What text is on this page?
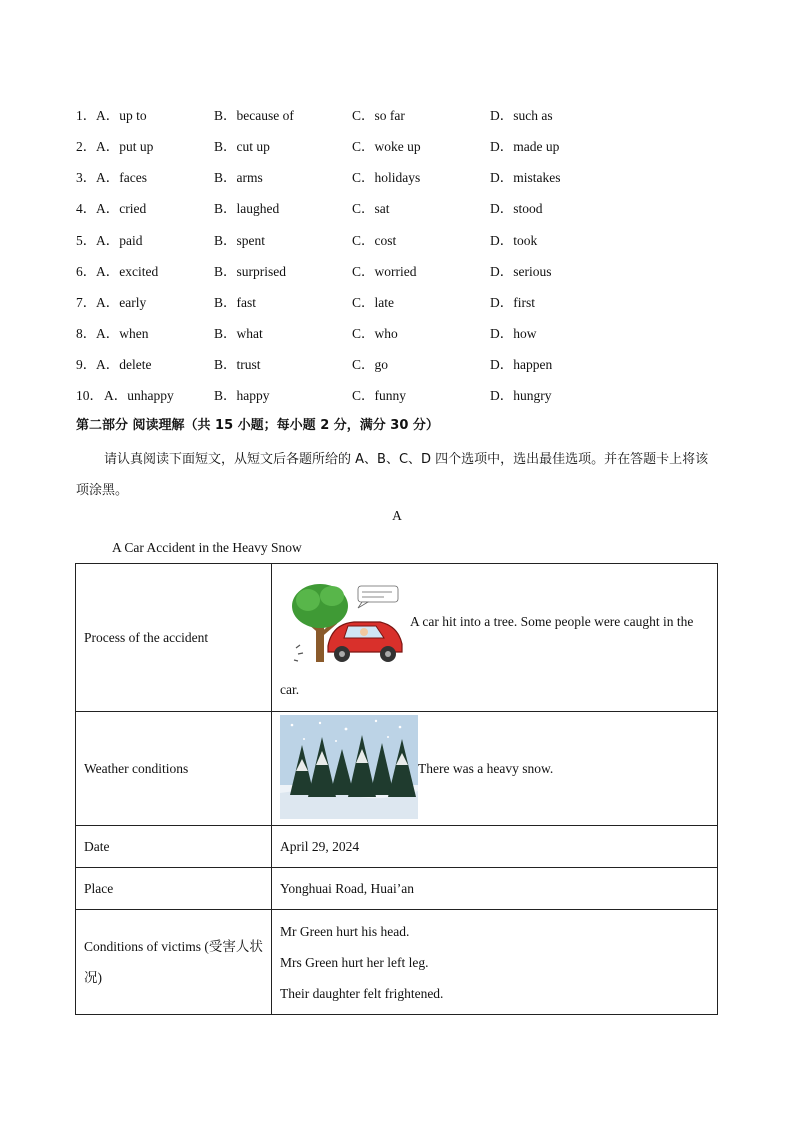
1． A．up to	B．because of	C．so far	D．such as
2． A．put up	B．cut up	C．woke up	D．made up
3． A．faces	B．arms	C．holidays	D．mistakes
4． A．cried	B．laughed	C．sat	D．stood
5． A．paid	B．spent	C．cost	D．took
6． A．excited	B．surprised	C．worried	D．serious
7． A．early	B．fast	C．late	D．first
8． A．when	B．what	C．who	D．how
9． A．delete	B．trust	C．go	D．happen
10． A．unhappy	B．happy	C．funny	D．hungry
第二部分 阅读理解（共 15 小题；每小题 2 分，满分 30 分）

请认真阅读下面短文，从短文后各题所给的 A、B、C、D 四个选项中，选出最佳选项。并在答题卡上将该项涂黑。

A
A Car Accident in the Heavy Snow
Process of the accident	A car hit into a tree. Some people were caught in the
car.

Weather conditions	There was a heavy snow.

Date	April 29, 2024
Place	Yonghuai Road, Huai’an
Conditions of victims (受害人状况)	Mr Green hurt his head.
Mrs Green hurt her left leg.
Their daughter felt frightened.
